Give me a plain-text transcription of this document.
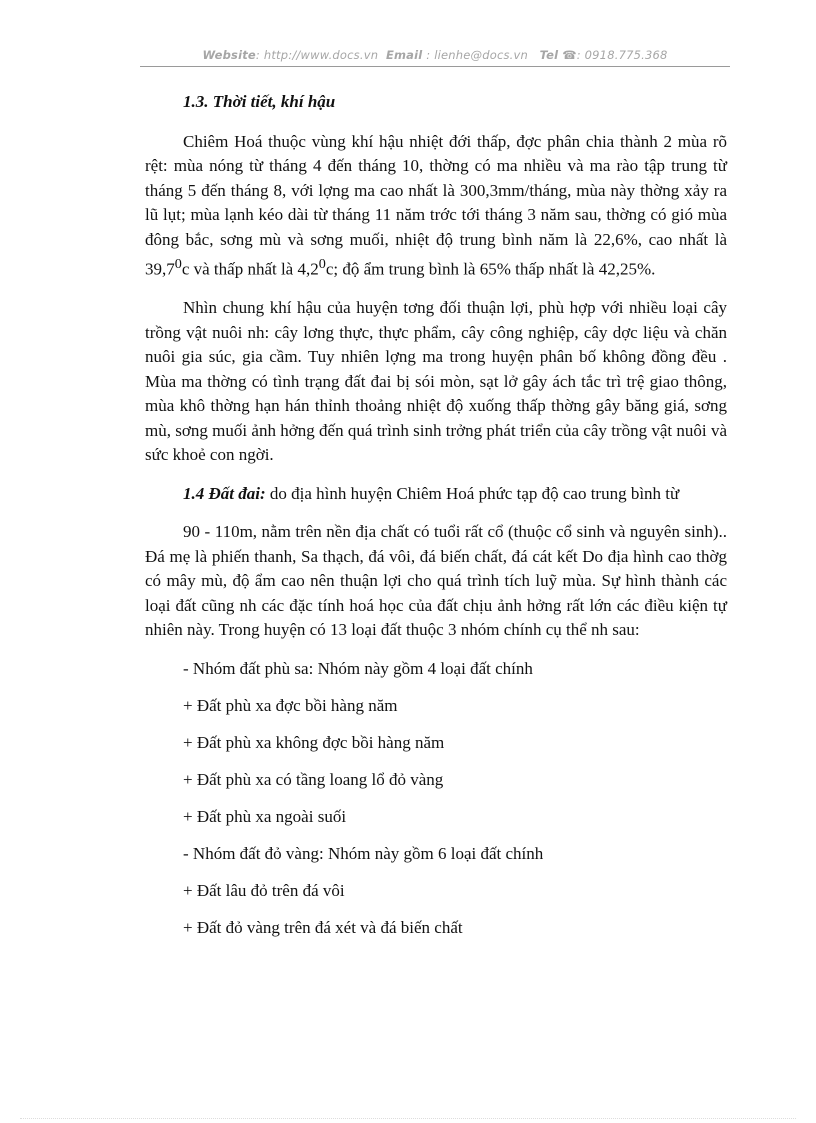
Website: http://www.docs.vn Email : lienhe@docs.vn Tel ☎: 0918.775.368
1.3. Thời tiết, khí hậu

Chiêm Hoá thuộc vùng khí hậu nhiệt đới thấp, đợc phân chia thành 2 mùa rõ rệt: mùa nóng từ tháng 4 đến tháng 10, thờng có ma nhiều và ma rào tập trung từ tháng 5 đến tháng 8, với lợng ma cao nhất là 300,3mm/tháng, mùa này thờng xảy ra lũ lụt; mùa lạnh kéo dài từ tháng 11 năm trớc tới tháng 3 năm sau, thờng có gió mùa đông bắc, sơng mù và sơng muối, nhiệt độ trung bình năm là 22,6%, cao nhất là 39,7$^0$c và thấp nhất là $4,2^0c$; độ ẩm trung bình là 65% thấp nhất là 42,25%.

Nhìn chung khí hậu của huyện tơng đối thuận lợi, phù hợp với nhiều loại cây trồng vật nuôi nh: cây lơng thực, thực phẩm, cây công nghiệp, cây dợc liệu và chăn nuôi gia súc, gia cầm. Tuy nhiên lợng ma trong huyện phân bố không đồng đều . Mùa ma thờng có tình trạng đất đai bị sói mòn, sạt lở gây ách tắc trì trệ giao thông, mùa khô thờng hạn hán thỉnh thoảng nhiệt độ xuống thấp thờng gây băng giá, sơng mù, sơng muối ảnh hởng đến quá trình sinh trởng phát triển của cây trồng vật nuôi và sức khoẻ con ngời.

1.4 Đất đai: do địa hình huyện Chiêm Hoá phức tạp độ cao trung bình từ

90 - 110m, nằm trên nền địa chất có tuổi rất cổ (thuộc cổ sinh và nguyên sinh).. Đá mẹ là phiến thanh, Sa thạch, đá vôi, đá biến chất, đá cát kết Do địa hình cao thờg có mây mù, độ ẩm cao nên thuận lợi cho quá trình tích luỹ mùa. Sự hình thành các loại đất cũng nh các đặc tính hoá học của đất chịu ảnh hởng rất lớn các điều kiện tự nhiên này. Trong huyện có 13 loại đất thuộc 3 nhóm chính cụ thể nh sau:

- Nhóm đất phù sa: Nhóm này gồm 4 loại đất chính
+ Đất phù xa đợc bồi hàng năm
+ Đất phù xa không đợc bồi hàng năm
+ Đất phù xa có tầng loang lổ đỏ vàng
+ Đất phù xa ngoài suối
- Nhóm đất đỏ vàng: Nhóm này gồm 6 loại đất chính
+ Đất lâu đỏ trên đá vôi
+ Đất đỏ vàng trên đá xét và đá biến chất
